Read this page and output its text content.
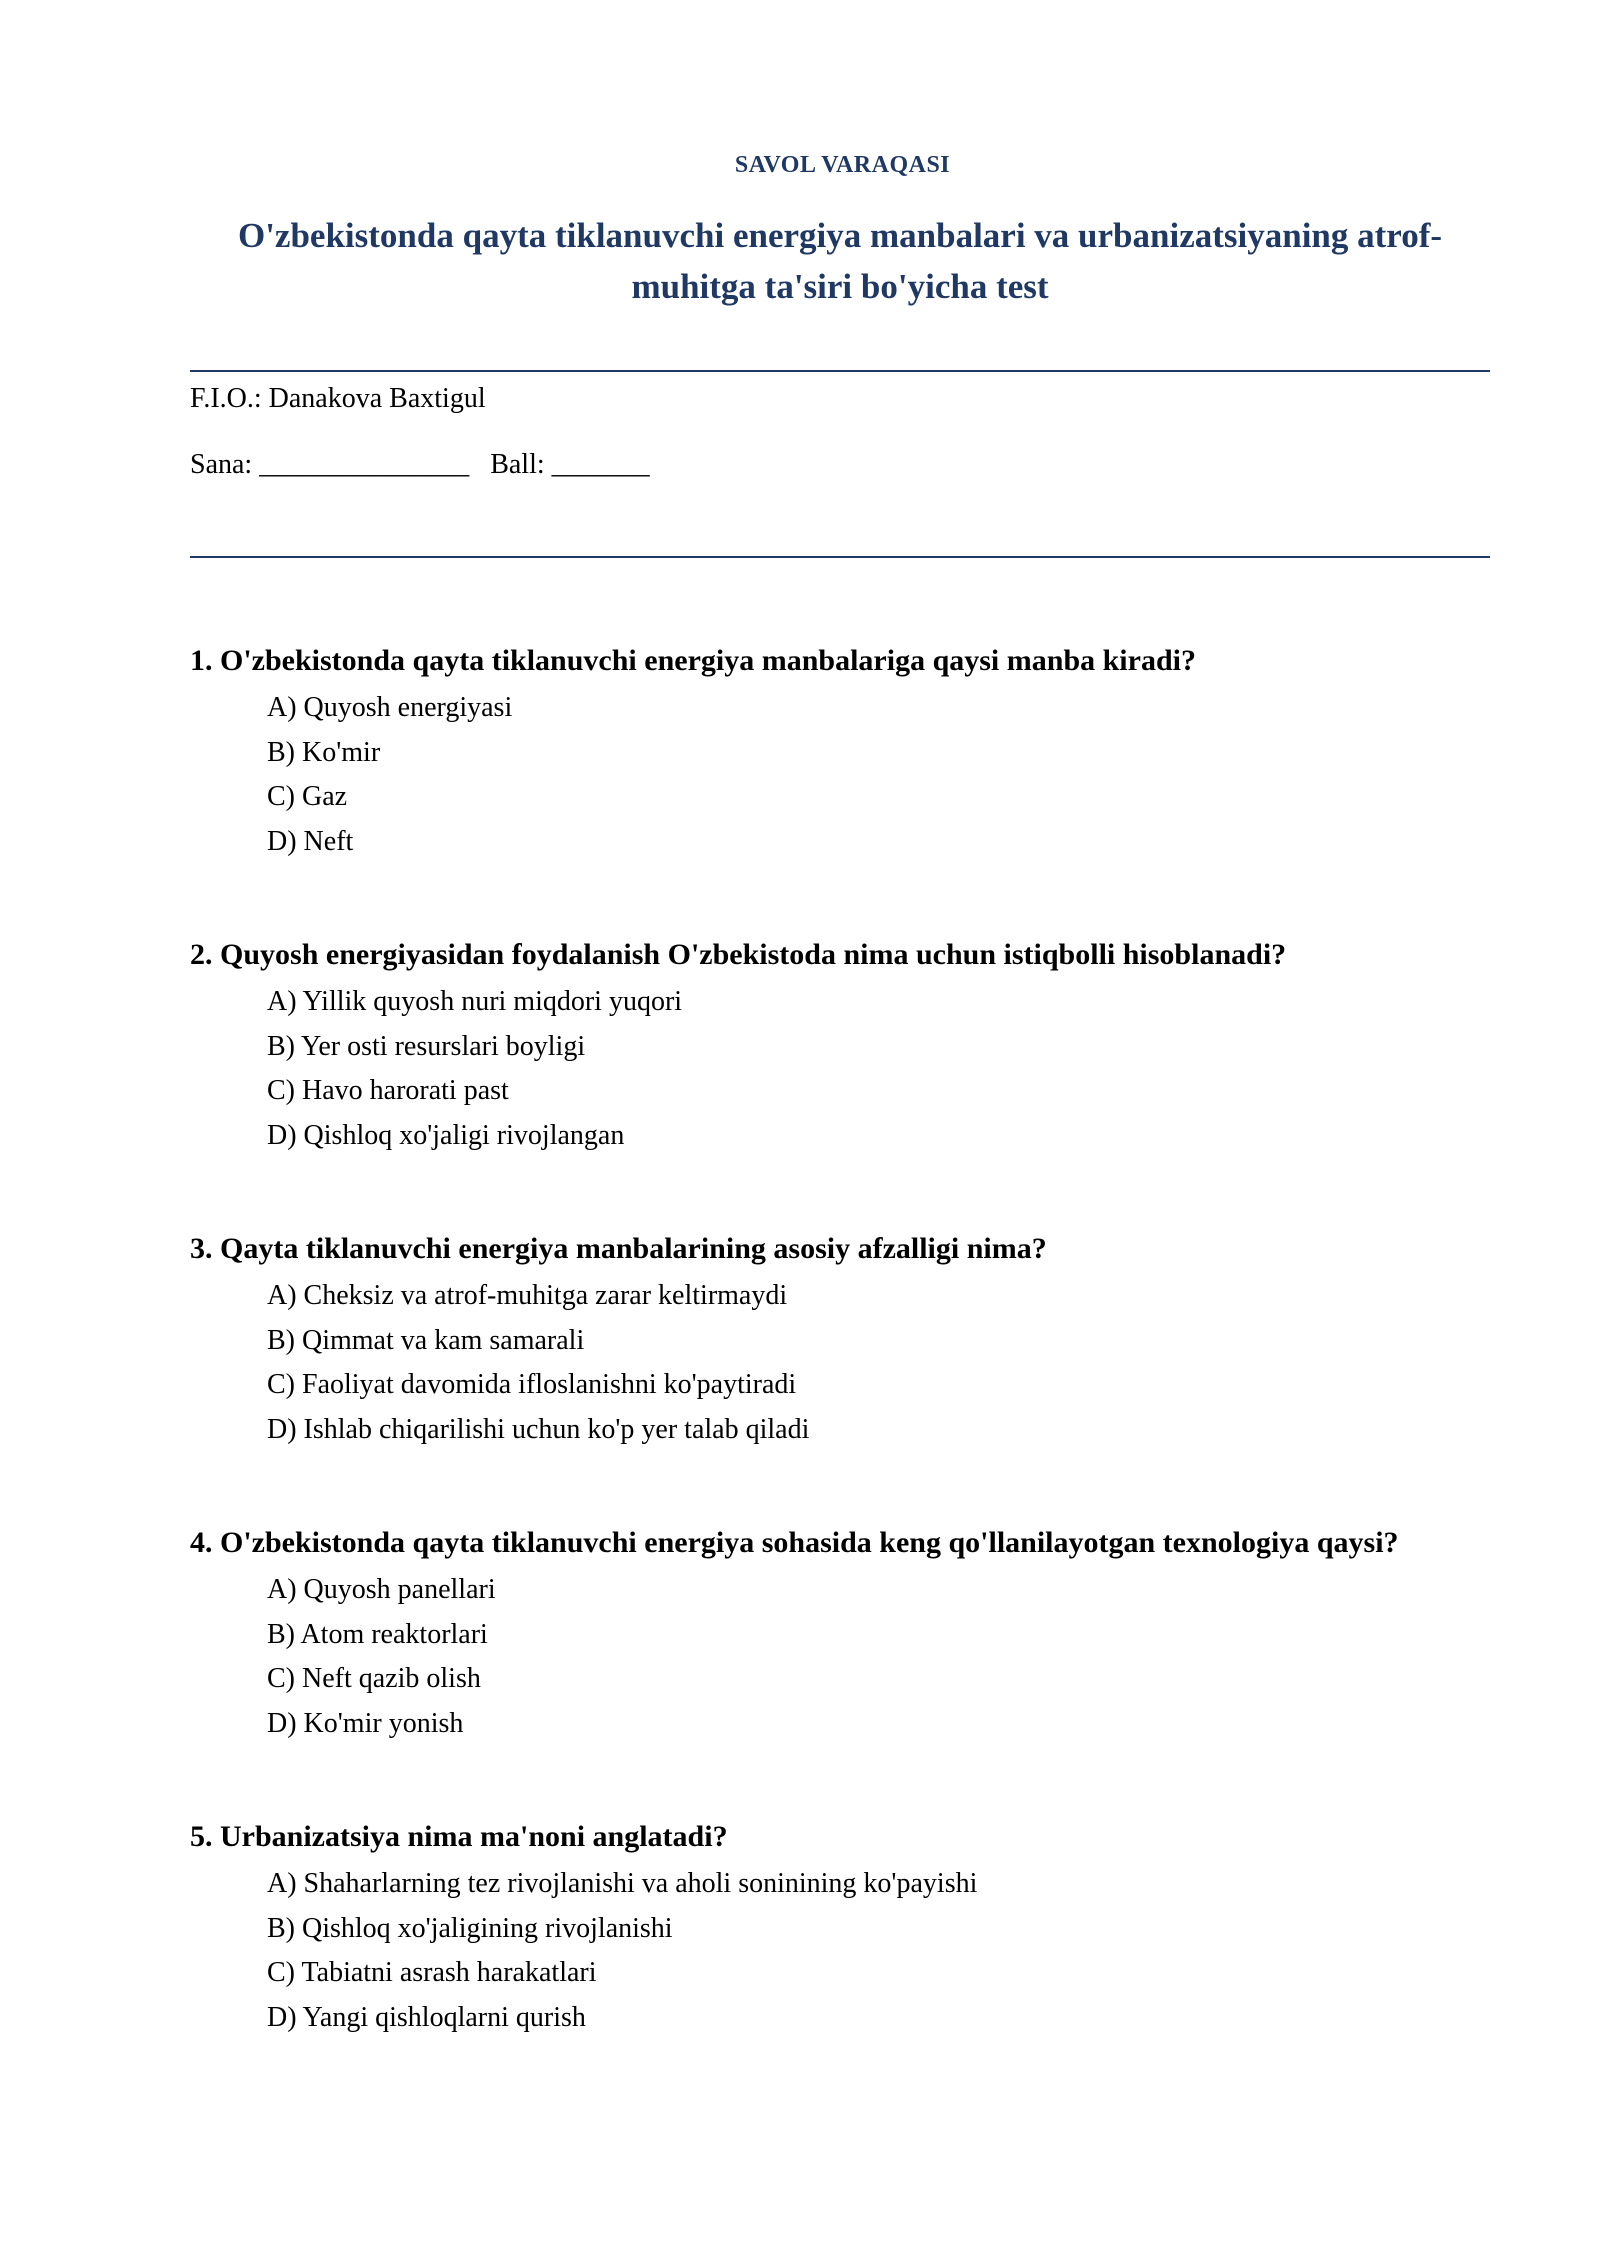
SAVOL VARAQASI
O'zbekistonda qayta tiklanuvchi energiya manbalari va urbanizatsiyaning atrof-muhitga ta'siri bo'yicha test
F.I.O.: Danakova Baxtigul
Sana: _______________   Ball: _______
1. O'zbekistonda qayta tiklanuvchi energiya manbalariga qaysi manba kiradi?
A) Quyosh energiyasi
B) Ko'mir
C) Gaz
D) Neft
2. Quyosh energiyasidan foydalanish O'zbekistoda nima uchun istiqbolli hisoblanadi?
A) Yillik quyosh nuri miqdori yuqori
B) Yer osti resurslari boyligi
C) Havo harorati past
D) Qishloq xo'jaligi rivojlangan
3. Qayta tiklanuvchi energiya manbalarining asosiy afzalligi nima?
A) Cheksiz va atrof-muhitga zarar keltirmaydi
B) Qimmat va kam samarali
C) Faoliyat davomida ifloslanishni ko'paytiradi
D) Ishlab chiqarilishi uchun ko'p yer talab qiladi
4. O'zbekistonda qayta tiklanuvchi energiya sohasida keng qo'llanilayotgan texnologiya qaysi?
A) Quyosh panellari
B) Atom reaktorlari
C) Neft qazib olish
D) Ko'mir yonish
5. Urbanizatsiya nima ma'noni anglatadi?
A) Shaharlarning tez rivojlanishi va aholi soninining ko'payishi
B) Qishloq xo'jaligining rivojlanishi
C) Tabiatni asrash harakatlari
D) Yangi qishloqlarni qurish
